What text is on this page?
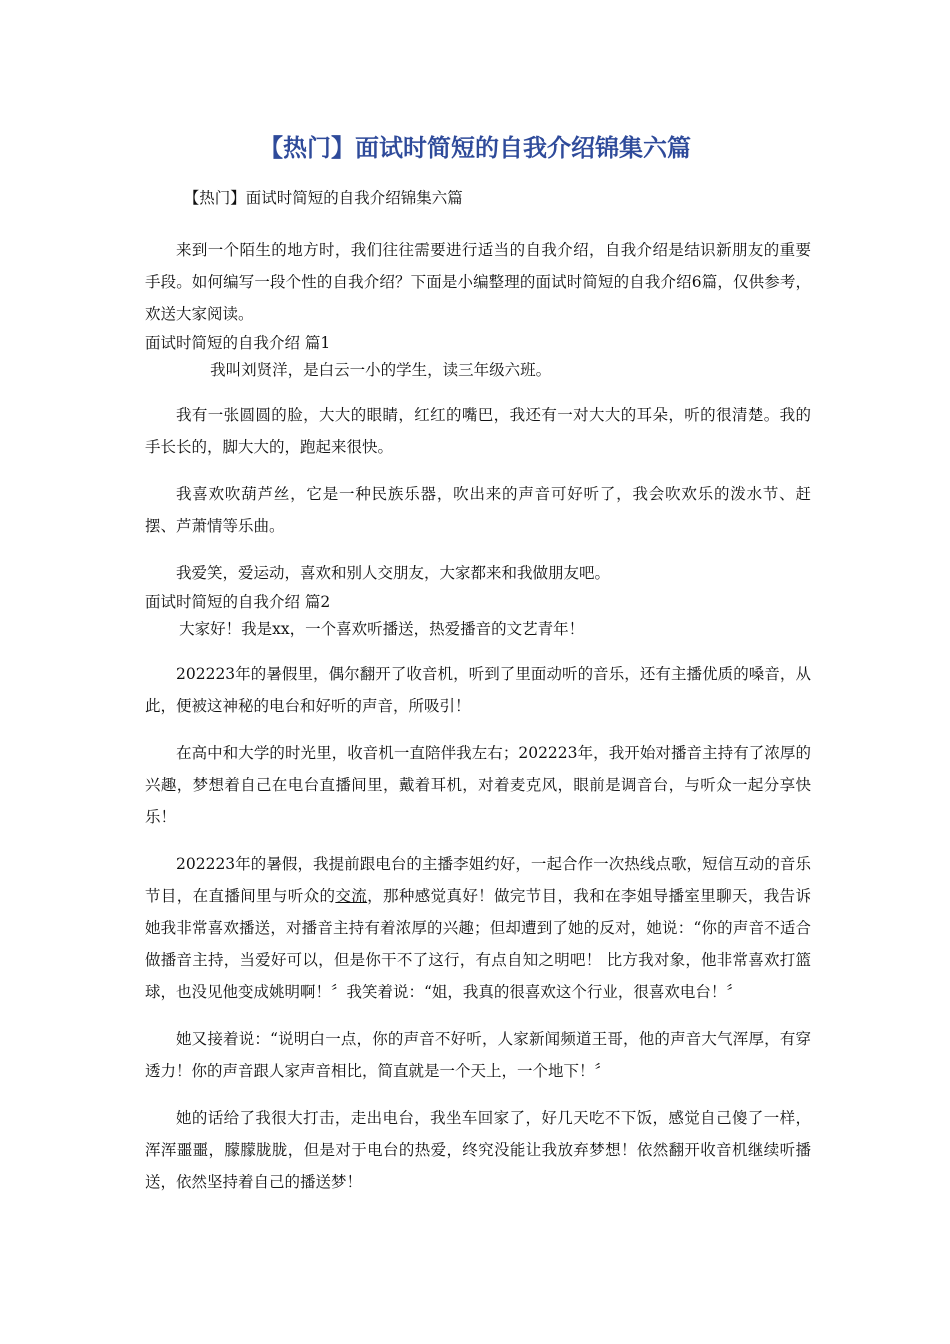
【热门】面试时简短的自我介绍锦集六篇

【热门】面试时简短的自我介绍锦集六篇

来到一个陌生的地方时，我们往往需要进行适当的自我介绍，自我介绍是结识新朋友的重要手段。如何编写一段个性的自我介绍？下面是小编整理的面试时简短的自我介绍6篇，仅供参考，欢送大家阅读。

面试时简短的自我介绍 篇1

我叫刘贤洋，是白云一小的学生，读三年级六班。

我有一张圆圆的脸，大大的眼睛，红红的嘴巴，我还有一对大大的耳朵，听的很清楚。我的手长长的，脚大大的，跑起来很快。

我喜欢吹葫芦丝，它是一种民族乐器，吹出来的声音可好听了，我会吹欢乐的泼水节、赶摆、芦萧情等乐曲。

我爱笑，爱运动，喜欢和别人交朋友，大家都来和我做朋友吧。

面试时简短的自我介绍 篇2

大家好！我是xx，一个喜欢听播送，热爱播音的文艺青年！

202223年的暑假里，偶尔翻开了收音机，听到了里面动听的音乐，还有主播优质的嗓音，从此，便被这神秘的电台和好听的声音，所吸引！

在高中和大学的时光里，收音机一直陪伴我左右；202223年，我开始对播音主持有了浓厚的兴趣，梦想着自己在电台直播间里，戴着耳机，对着麦克风，眼前是调音台，与听众一起分享快乐！

202223年的暑假，我提前跟电台的主播李姐约好，一起合作一次热线点歌，短信互动的音乐节目，在直播间里与听众的交流，那种感觉真好！做完节目，我和在李姐导播室里聊天，我告诉她我非常喜欢播送，对播音主持有着浓厚的兴趣；但却遭到了她的反对，她说：“你的声音不适合做播音主持，当爱好可以，但是你干不了这行，有点自知之明吧！ 比方我对象，他非常喜欢打篮球，也没见他变成姚明啊！〞我笑着说：“姐，我真的很喜欢这个行业，很喜欢电台！〞

她又接着说：“说明白一点，你的声音不好听，人家新闻频道王哥，他的声音大气浑厚，有穿透力！你的声音跟人家声音相比，简直就是一个天上，一个地下！〞

她的话给了我很大打击，走出电台，我坐车回家了，好几天吃不下饭，感觉自己傻了一样，浑浑噩噩，朦朦胧胧，但是对于电台的热爱，终究没能让我放弃梦想！依然翻开收音机继续听播送，依然坚持着自己的播送梦！
